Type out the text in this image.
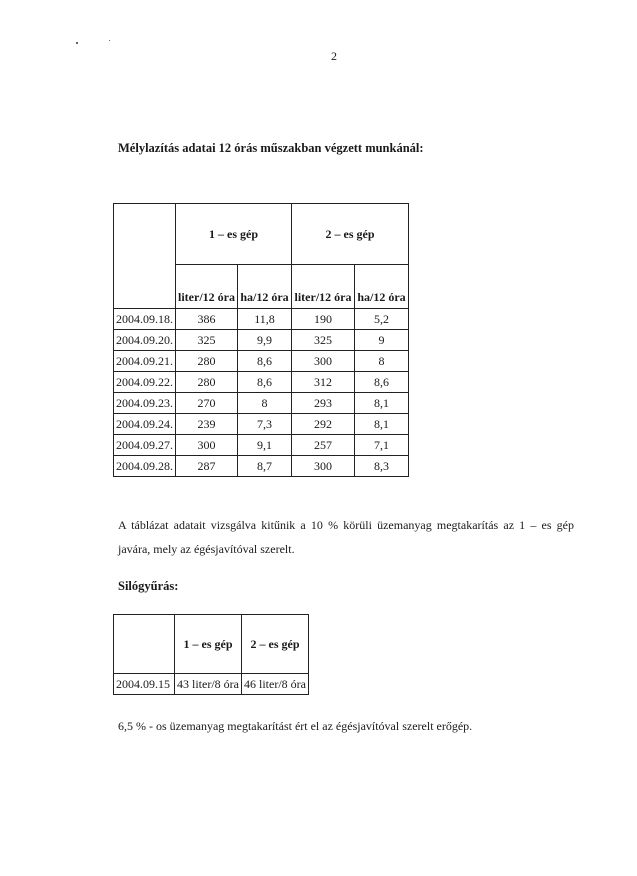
2
Mélylazítás adatai 12 órás műszakban végzett munkánál:
	1 – es gép		2 – es gép	
	liter/12 óra	ha/12 óra	liter/12 óra	ha/12 óra
2004.09.18.	386	11,8	190	5,2
2004.09.20.	325	9,9	325	9
2004.09.21.	280	8,6	300	8
2004.09.22.	280	8,6	312	8,6
2004.09.23.	270	8	293	8,1
2004.09.24.	239	7,3	292	8,1
2004.09.27.	300	9,1	257	7,1
2004.09.28.	287	8,7	300	8,3
A táblázat adatait vizsgálva kitűnik a 10 % körüli üzemanyag megtakarítás az 1 – es gép javára, mely az égésjavítóval szerelt.
Silógyűrás:
	1 – es gép	2 – es gép
2004.09.15	43 liter/8 óra	46 liter/8 óra
6,5 % - os üzemanyag megtakarítást ért el az égésjavítóval szerelt erőgép.
